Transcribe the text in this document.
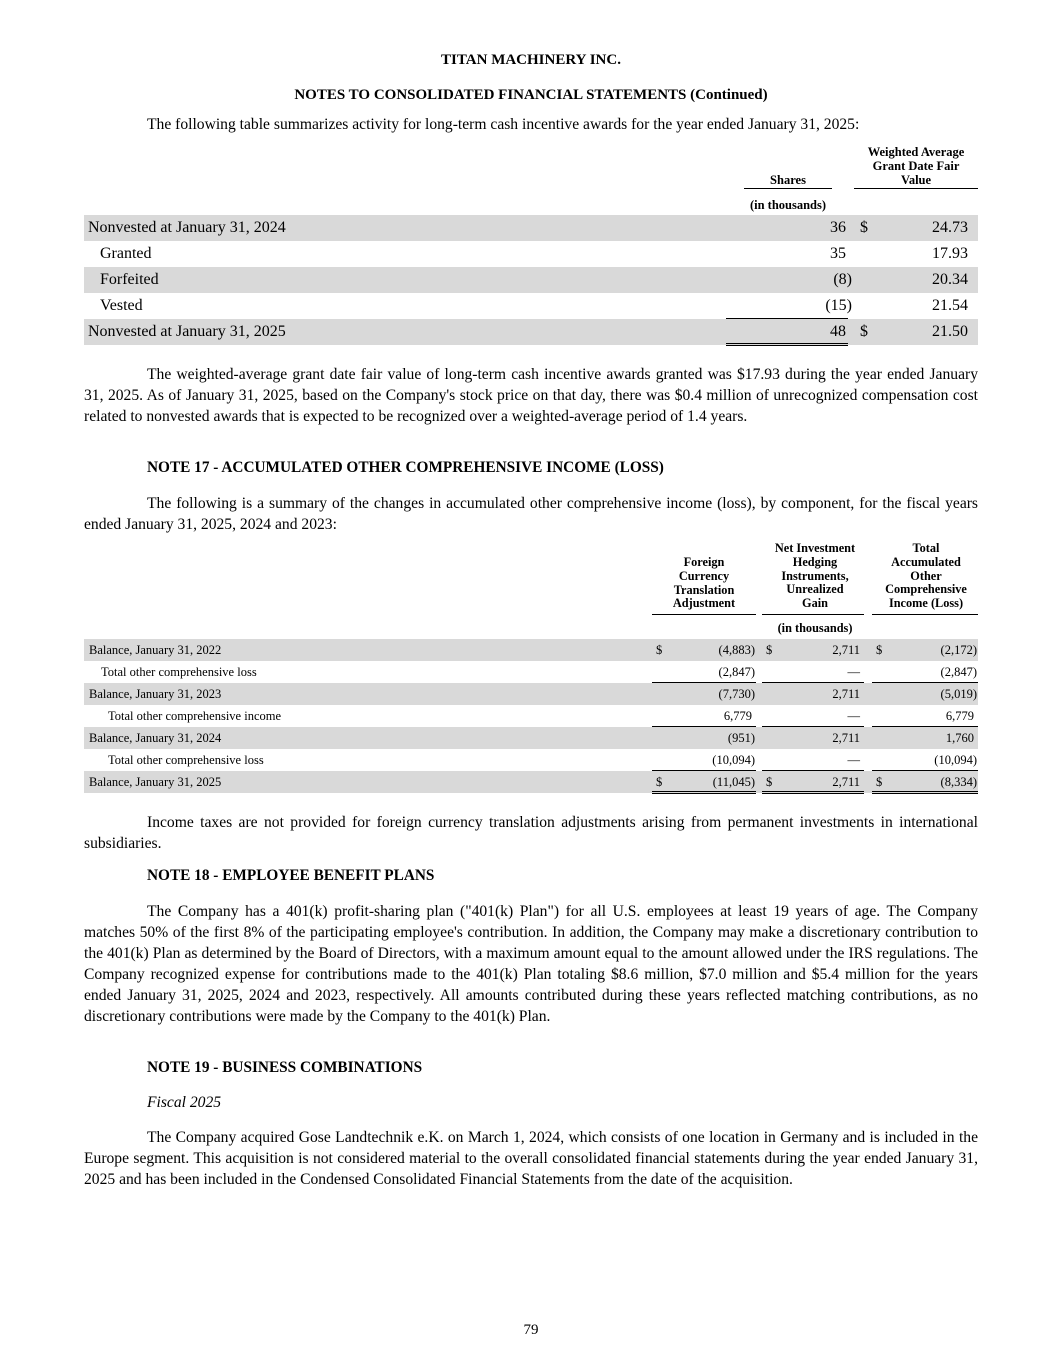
TITAN MACHINERY INC.
NOTES TO CONSOLIDATED FINANCIAL STATEMENTS (Continued)

The following table summarizes activity for long-term cash incentive awards for the year ended January 31, 2025:

Shares
Weighted Average
Grant Date Fair
Value
(in thousands)
Nonvested at January 31, 2024	36 $	24.73
Granted	35	17.93
Forfeited	(8)	20.34
Vested	(15)	21.54
Nonvested at January 31, 2025	48 $	21.50

The weighted-average grant date fair value of long-term cash incentive awards granted was $17.93 during the year ended January 31, 2025. As of January 31, 2025, based on the Company's stock price on that day, there was $0.4 million of unrecognized compensation cost related to nonvested awards that is expected to be recognized over a weighted-average period of 1.4 years.

NOTE 17 - ACCUMULATED OTHER COMPREHENSIVE INCOME (LOSS)

The following is a summary of the changes in accumulated other comprehensive income (loss), by component, for the fiscal years ended January 31, 2025, 2024 and 2023:

Foreign
Currency
Translation
Adjustment
Net Investment
Hedging
Instruments,
Unrealized
Gain
Total
Accumulated
Other
Comprehensive
Income (Loss)
(in thousands)
Balance, January 31, 2022	$	(4,883) $	2,711 $	(2,172)
Total other comprehensive loss	(2,847)	—	(2,847)
Balance, January 31, 2023	(7,730)	2,711	(5,019)
Total other comprehensive income	6,779	—	6,779
Balance, January 31, 2024	(951)	2,711	1,760
Total other comprehensive loss	(10,094)	—	(10,094)
Balance, January 31, 2025	$	(11,045) $	2,711 $	(8,334)

Income taxes are not provided for foreign currency translation adjustments arising from permanent investments in international subsidiaries.

NOTE 18 - EMPLOYEE BENEFIT PLANS

The Company has a 401(k) profit-sharing plan ("401(k) Plan") for all U.S. employees at least 19 years of age. The Company matches 50% of the first 8% of the participating employee's contribution. In addition, the Company may make a discretionary contribution to the 401(k) Plan as determined by the Board of Directors, with a maximum amount equal to the amount allowed under the IRS regulations. The Company recognized expense for contributions made to the 401(k) Plan totaling $8.6 million, $7.0 million and $5.4 million for the years ended January 31, 2025, 2024 and 2023, respectively. All amounts contributed during these years reflected matching contributions, as no discretionary contributions were made by the Company to the 401(k) Plan.

NOTE 19 - BUSINESS COMBINATIONS
Fiscal 2025

The Company acquired Gose Landtechnik e.K. on March 1, 2024, which consists of one location in Germany and is included in the Europe segment. This acquisition is not considered material to the overall consolidated financial statements during the year ended January 31, 2025 and has been included in the Condensed Consolidated Financial Statements from the date of the acquisition.

79
